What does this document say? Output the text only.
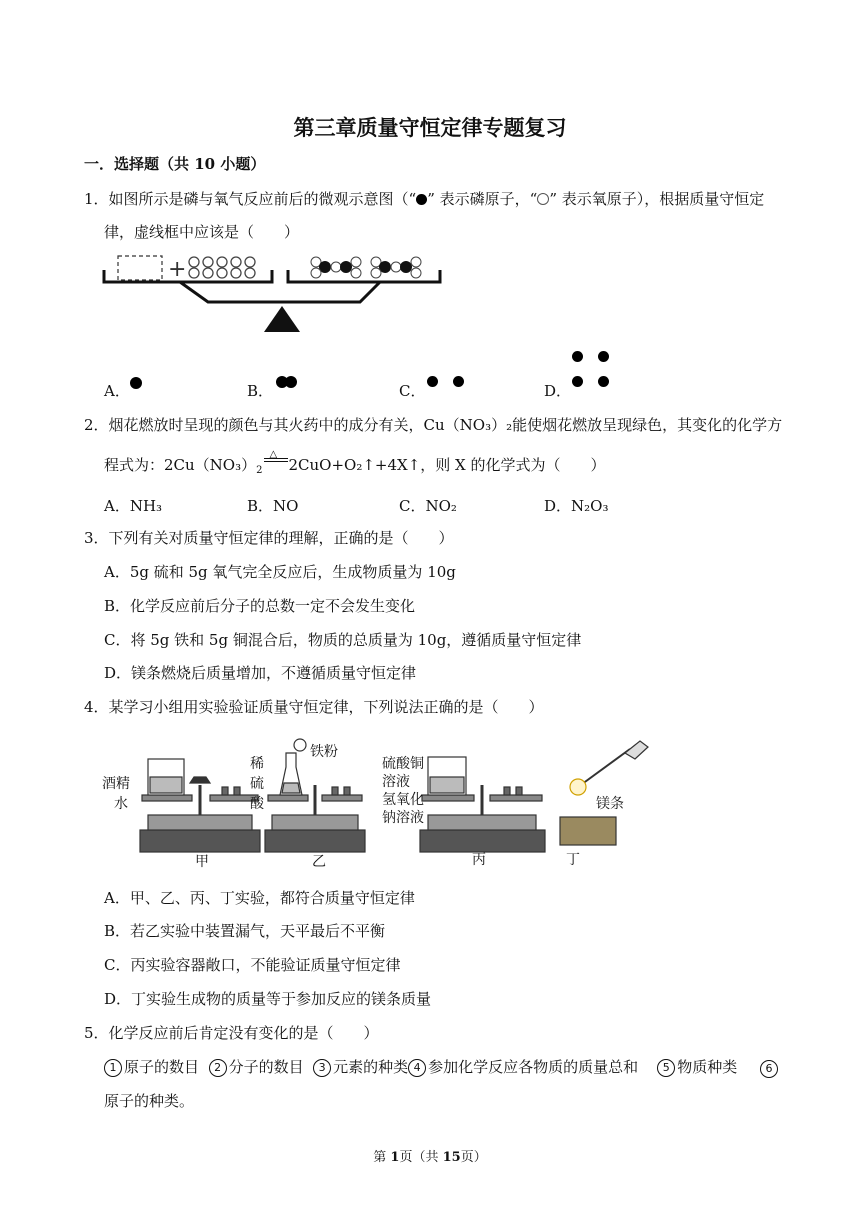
第三章质量守恒定律专题复习
一．选择题（共 10 小题）
1．如图所示是磷与氧气反应前后的微观示意图（“ ” 表示磷原子，“ ” 表示氧原子），根据质量守恒定
律，虚线框中应该是（　　）
+
A．	B．	C．	D．
2．烟花燃放时呈现的颜色与其火药中的成分有关，Cu（NO₃）₂能使烟花燃放呈现绿色，其变化的化学方
程式为：$2Cu(NO_3)_2$
△
2CuO+O₂↑+4X↑，则 X 的化学式为（　　）
A．NH₃	B．NO	C．NO₂	D．N₂O₃
3．下列有关对质量守恒定律的理解，正确的是（　　）
A．5g 硫和 5g 氧气完全反应后，生成物质量为 10g
B．化学反应前后分子的总数一定不会发生变化
C．将 5g 铁和 5g 铜混合后，物质的总质量为 10g，遵循质量守恒定律
D．镁条燃烧后质量增加，不遵循质量守恒定律
4．某学习小组用实验验证质量守恒定律，下列说法正确的是（　　）
酒精
水
稀
硫
酸
铁粉
硫酸铜
溶液
氢氧化
钠溶液
镁条
甲	乙	丙	丁
A．甲、乙、丙、丁实验，都符合质量守恒定律
B．若乙实验中装置漏气，天平最后不平衡
C．丙实验容器敞口，不能验证质量守恒定律
D．丁实验生成物的质量等于参加反应的镁条质量
5．化学反应前后肯定没有变化的是（　　）
1 原子的数目 2 分子的数目 3 元素的种类 4 参加化学反应各物质的质量总和 5 物质种类	6
原子的种类。
第 1页（共 15页）
